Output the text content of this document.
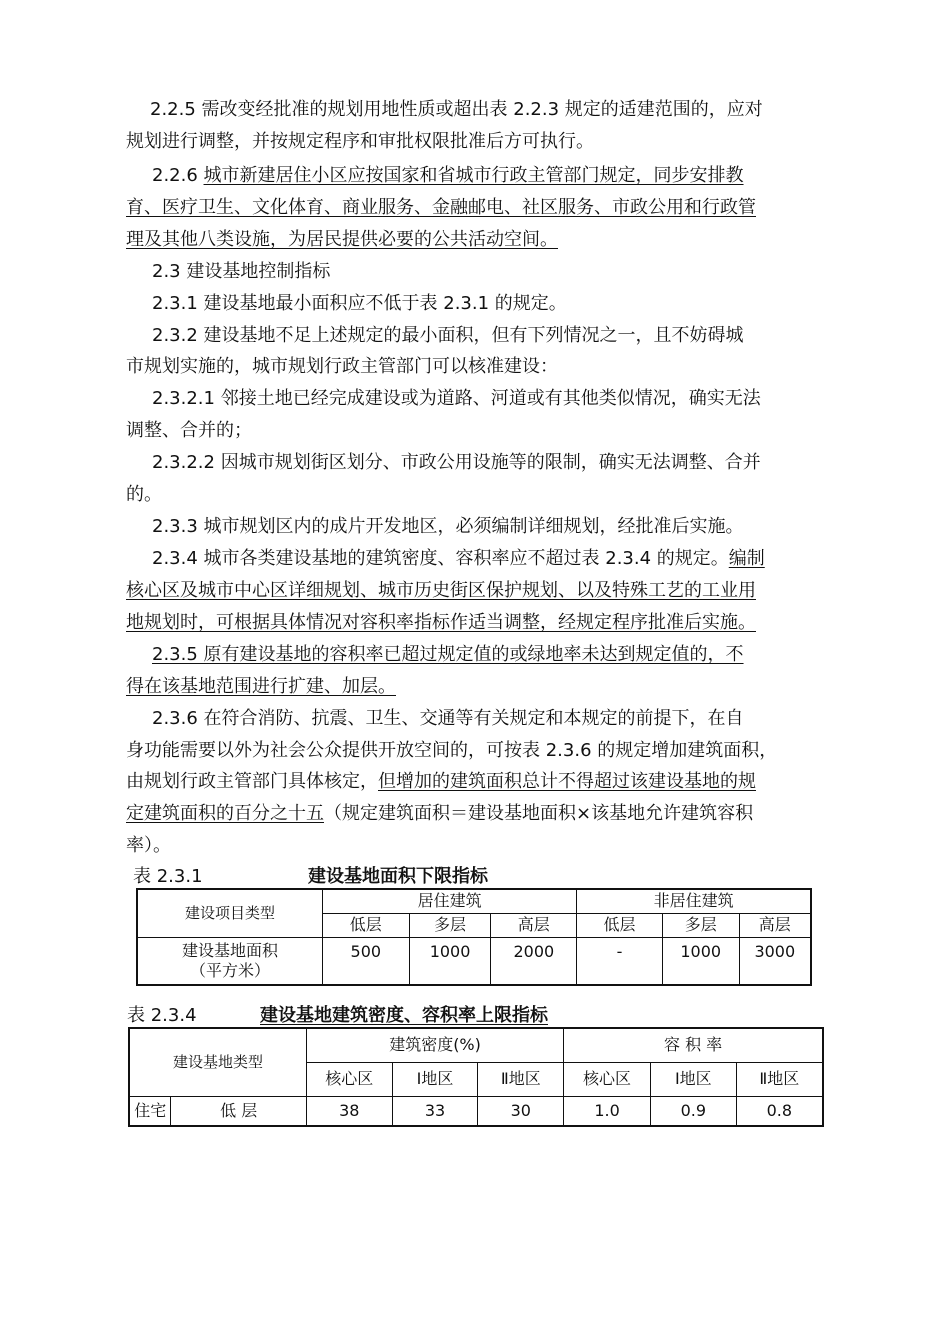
2.2.5 需改变经批准的规划用地性质或超出表 2.2.3 规定的适建范围的，应对
规划进行调整，并按规定程序和审批权限批准后方可执行。
2.2.6 城市新建居住小区应按国家和省城市行政主管部门规定，同步安排教
育、医疗卫生、文化体育、商业服务、金融邮电、社区服务、市政公用和行政管
理及其他八类设施，为居民提供必要的公共活动空间。
2.3 建设基地控制指标
2.3.1 建设基地最小面积应不低于表 2.3.1 的规定。
2.3.2 建设基地不足上述规定的最小面积，但有下列情况之一，且不妨碍城
市规划实施的，城市规划行政主管部门可以核准建设：
2.3.2.1 邻接土地已经完成建设或为道路、河道或有其他类似情况，确实无法
调整、合并的；
2.3.2.2 因城市规划街区划分、市政公用设施等的限制，确实无法调整、合并
的。
2.3.3 城市规划区内的成片开发地区，必须编制详细规划，经批准后实施。
2.3.4 城市各类建设基地的建筑密度、容积率应不超过表 2.3.4 的规定。编制
核心区及城市中心区详细规划、城市历史街区保护规划、以及特殊工艺的工业用
地规划时，可根据具体情况对容积率指标作适当调整，经规定程序批准后实施。
2.3.5 原有建设基地的容积率已超过规定值的或绿地率未达到规定值的，不
得在该基地范围进行扩建、加层。
2.3.6 在符合消防、抗震、卫生、交通等有关规定和本规定的前提下，在自
身功能需要以外为社会公众提供开放空间的，可按表 2.3.6 的规定增加建筑面积，
由规划行政主管部门具体核定，但增加的建筑面积总计不得超过该建设基地的规
定建筑面积的百分之十五（规定建筑面积＝建设基地面积×该基地允许建筑容积
率）。
表 2.3.1	建设基地面积下限指标
建设项目类型	居住建筑			非居住建筑		
	低层	多层	高层	低层	多层	高层
建设基地面积（平方米）	500	1000	2000	-	1000	3000
表 2.3.4	建设基地建筑密度、容积率上限指标
建设基地类型		建筑密度(%)			容 积 率		
		核心区	Ⅰ地区	Ⅱ地区	核心区	Ⅰ地区	Ⅱ地区
住宅	低 层	38	33	30	1.0	0.9	0.8
